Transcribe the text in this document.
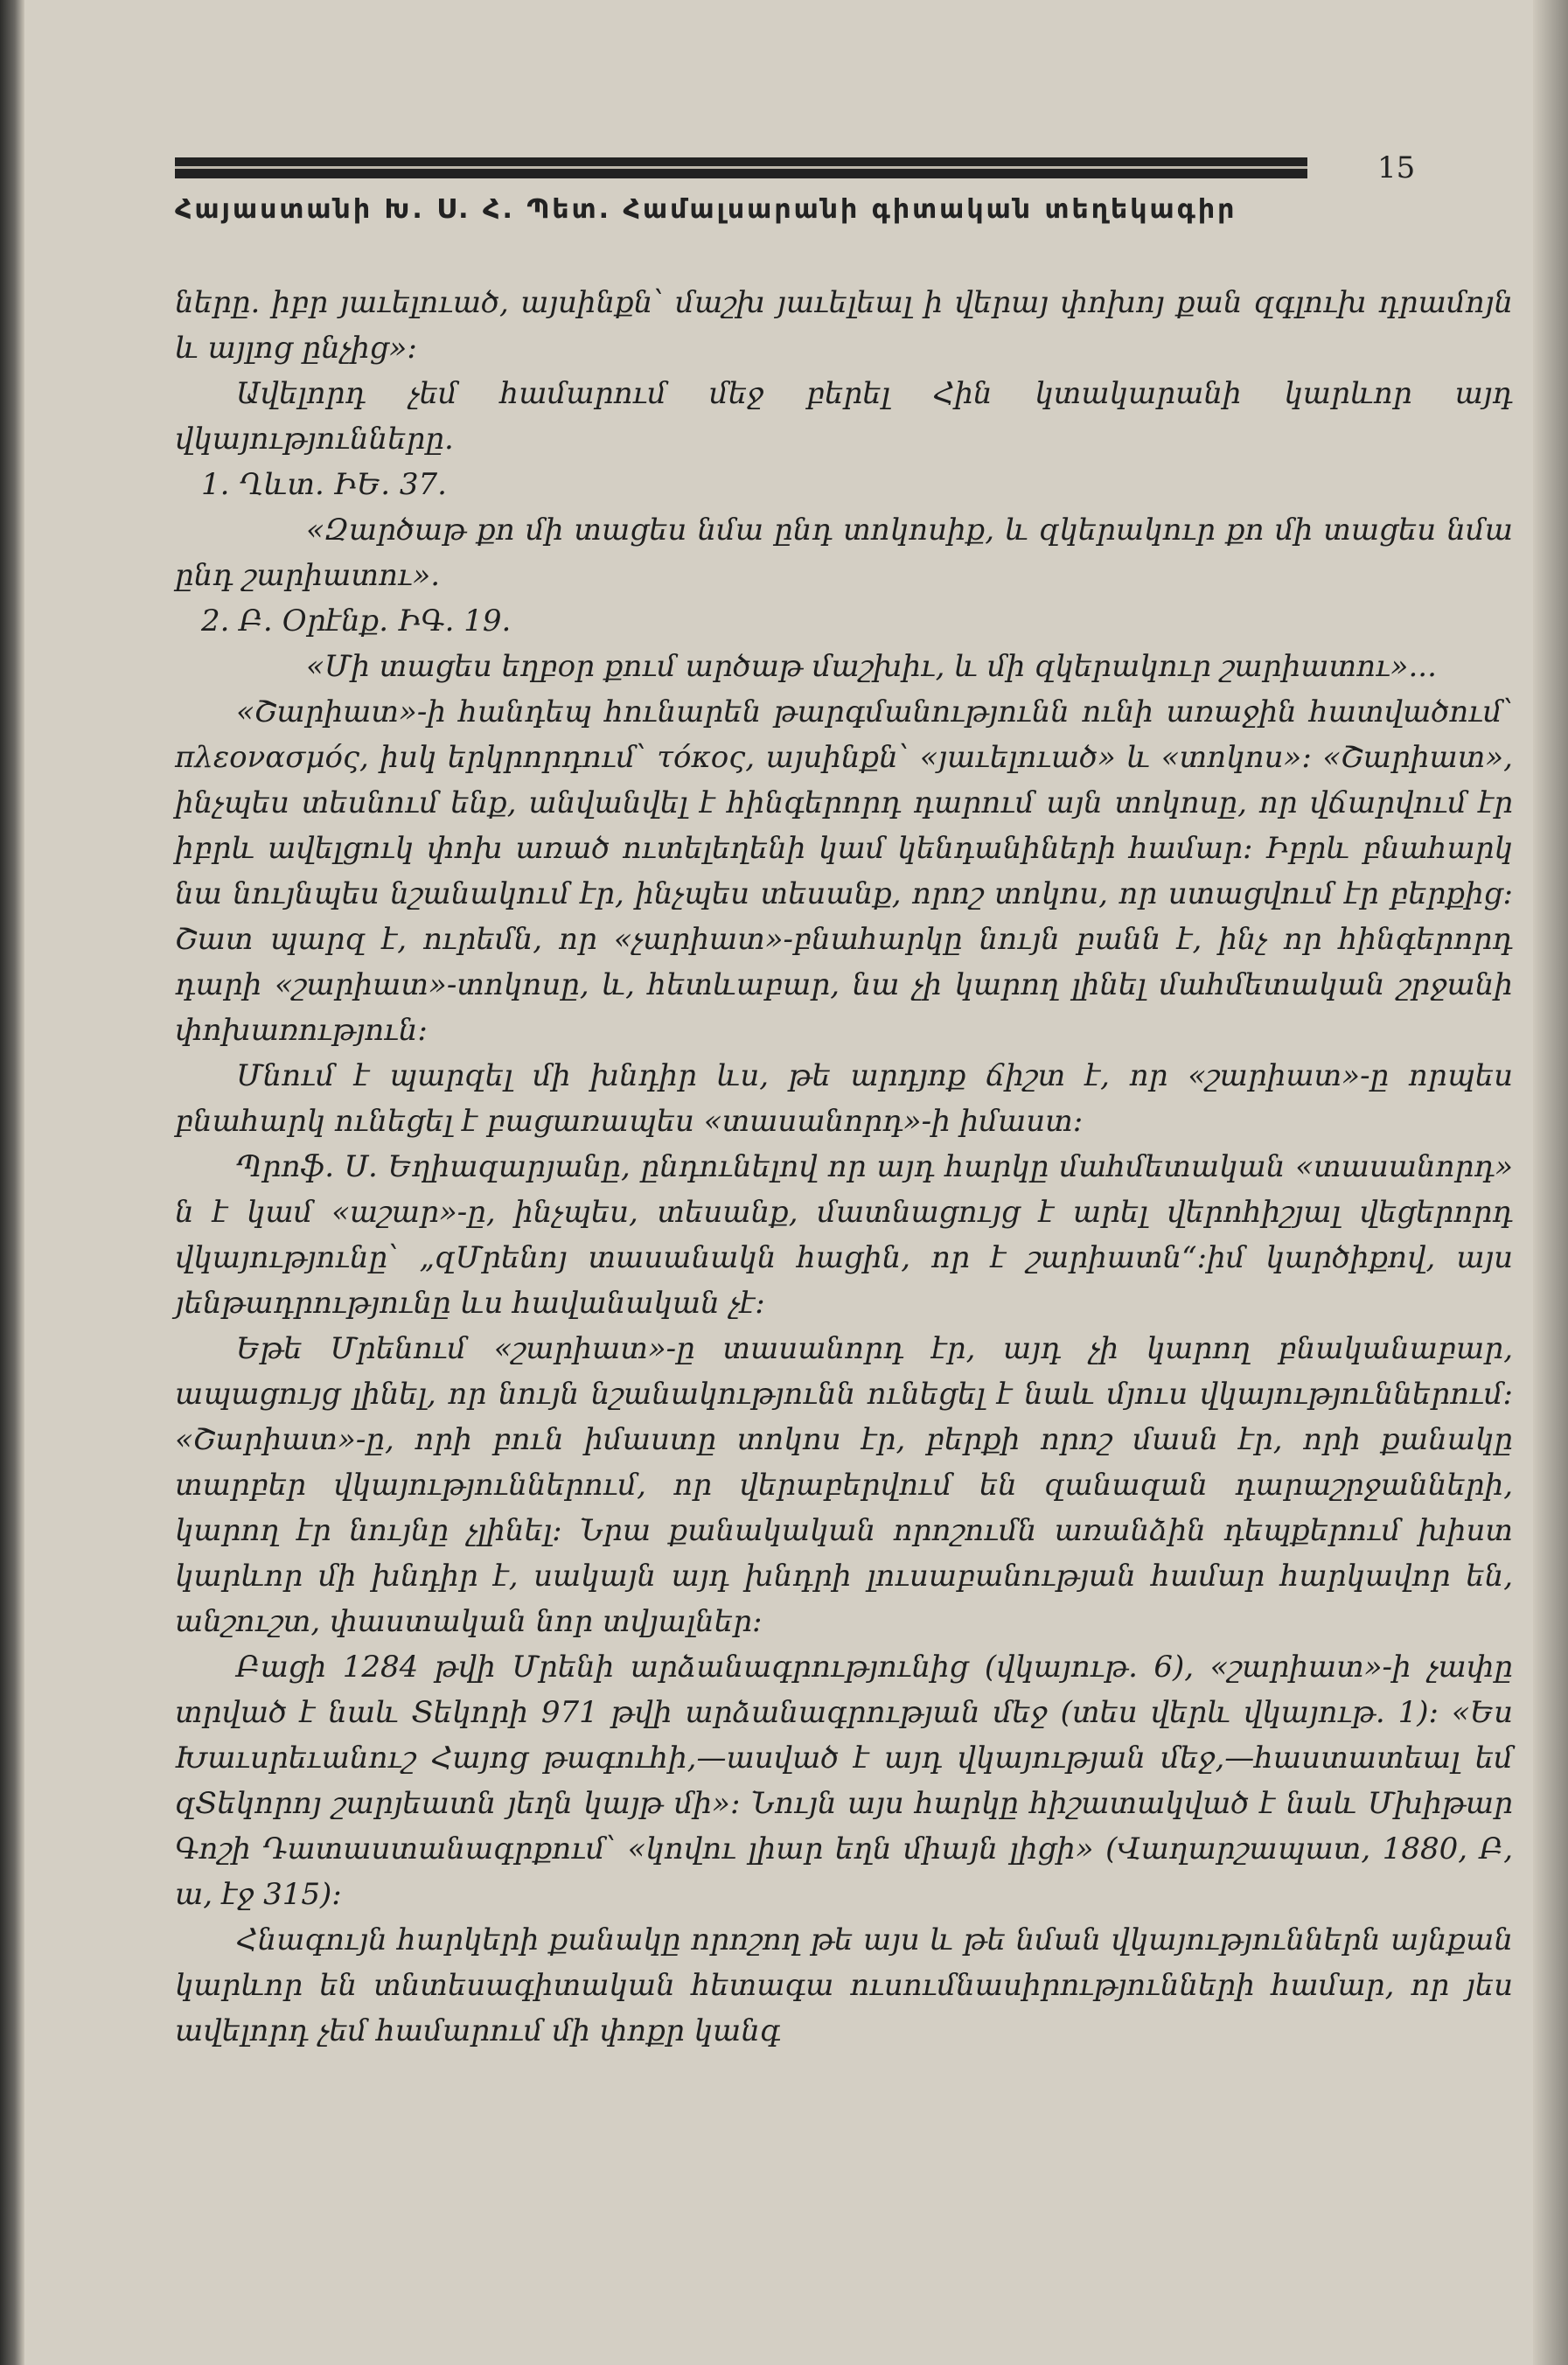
15
Հայաստանի Խ. Ս. Հ. Պետ. Համալսարանի գիտական տեղեկագիր

ները. իբր յաւելուած, այսինքն՝ մաշխ յաւելեալ ի վերայ փոխոյ քան զգլուխ դրամոյն և այլոց ընչից»:

Ավելորդ չեմ համարում մեջ բերել Հին կտակարանի կարևոր այդ վկայությունները.

1. Ղևտ. ԻԵ. 37.

«Զարծաթ քո մի տացես նմա ընդ տոկոսիք, և զկերակուր քո մի տացես նմա ընդ շարիատու».

2. Բ. Օրէնք. ԻԳ. 19.

«Մի տացես եղբօր քում արծաթ մաշխիւ, և մի զկերակուր շարիատու»...

«Շարիատ»-ի հանդեպ հունարեն թարգմանությունն ունի առաջին հատվածում՝ πλεονασμός, իսկ երկրորդում՝ τόκος, այսինքն՝ «յաւելուած» և «տոկոս»: «Շարիատ», ինչպես տեսնում ենք, անվանվել է հինգերորդ դարում այն տոկոսը, որ վճարվում էր իբրև ավելցուկ փոխ առած ուտելեղենի կամ կենդանիների համար: Իբրև բնահարկ նա նույնպես նշանակում էր, ինչպես տեսանք, որոշ տոկոս, որ ստացվում էր բերքից: Շատ պարզ է, ուրեմն, որ «չարիատ»-բնահարկը նույն բանն է, ինչ որ հինգերորդ դարի «շարիատ»-տոկոսը, և, հետևաբար, նա չի կարող լինել մահմետական շրջանի փոխառություն:

Մնում է պարզել մի խնդիր ևս, թե արդյոք ճիշտ է, որ «շարիատ»-ը որպես բնահարկ ունեցել է բացառապես «տասանորդ»-ի իմաստ:

Պրոֆ. Ս. Եղիազարյանը, ընդունելով որ այդ հարկը մահմետական «տասանորդ» ն է կամ «աշար»-ը, ինչպես, տեսանք, մատնացույց է արել վերոհիշյալ վեցերորդ վկայությունը՝ „զՄրենոյ տասանակն հացին, որ է շարիատն“:իմ կարծիքով, այս յենթադրությունը ևս հավանական չէ:

Եթե Մրենում «շարիատ»-ը տասանորդ էր, այդ չի կարող բնականաբար, ապացույց լինել, որ նույն նշանակությունն ունեցել է նաև մյուս վկայություններում: «Շարիատ»-ը, որի բուն իմաստը տոկոս էր, բերքի որոշ մասն էր, որի քանակը տարբեր վկայություններում, որ վերաբերվում են զանազան դարաշրջանների, կարող էր նույնը չլինել: Նրա քանակական որոշումն առանձին դեպքերում խիստ կարևոր մի խնդիր է, սակայն այդ խնդրի լուսաբանության համար հարկավոր են, անշուշտ, փաստական նոր տվյալներ:

Բացի 1284 թվի Մրենի արձանագրությունից (վկայութ. 6), «շարիատ»-ի չափը տրված է նաև Տեկորի 971 թվի արձանագրության մեջ (տես վերև վկայութ. 1): «Ես Խաւսրեւանուշ Հայոց թագուհի,—ասված է այդ վկայության մեջ,—հաստատեալ եմ զՏեկորոյ շարյեատն յեղն կայթ մի»: Նույն այս հարկը հիշատակված է նաև Մխիթար Գոշի Դատաստանագրքում՝ «կովու լիար եղն միայն լիցի» (Վաղարշապատ, 1880, Բ, ա, էջ 315):

Հնագույն հարկերի քանակը որոշող թե այս և թե նման վկայություններն այնքան կարևոր են տնտեսագիտական հետագա ուսումնասիրությունների համար, որ յես ավելորդ չեմ համարում մի փոքր կանգ
